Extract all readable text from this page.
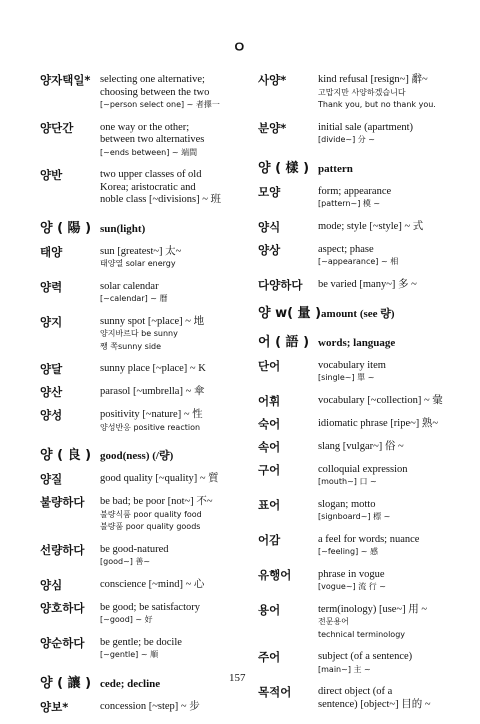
ㅇ
양자택일* selecting one alternative;
choosing between the two
[~person select one] ~ 者擇一
양단간	one way or the other;
between two alternatives
[~ends between] ~ 端間
양반	two upper classes of old
Korea; aristocratic and
noble class [~divisions] ~ 班
양 ( 陽 ) sun(light)
태양	sun [greatest~] 太~
태양열 solar energy
양력	solar calendar
[~calendar] ~ 曆
양지	sunny spot [~place] ~ 地
양지바르다 be sunny
쨍 쪽sunny side
양달	sunny place [~place] ~ K
양산	parasol [~umbrella] ~ 傘
양성	positivity [~nature] ~ 性
양성반응 positive reaction
양 ( 良 ) good(ness) (/량)
양질	good quality [~quality] ~ 質
불량하다	be bad; be poor [not~] 不~
불량식품 poor quality food
불량품 poor quality goods
선량하다	be good-natured
[good~] 善~
양심	conscience [~mind] ~ 心
양호하다	be good; be satisfactory
[~good] ~ 好
양순하다	be gentle; be docile
[~gentle] ~ 順
양 ( 讓 ) cede; decline
양보*	concession [~step] ~ 步
사양*	kind refusal [resign~] 辭~
고맙지만 사양하겠습니다
Thank you, but no thank you.
분양*	initial sale (apartment)
[divide~] 分 ~
양 ( 樣 ) pattern
모양	form; appearance
[pattern~] 模 ~
양식	mode; style [~style] ~ 式
양상	aspect; phase
[~appearance] ~ 相
다양하다	be varied [many~] 多 ~
양 w( 量 ) amount (see 량)
어 ( 語 ) words; language
단어	vocabulary item
[single~] 單 ~
어휘	vocabulary [~collection] ~ 彙
숙어	idiomatic phrase [ripe~] 熟~
속어	slang [vulgar~] 俗 ~
구어	colloquial expression
[mouth~] 口 ~
표어	slogan; motto
[signboard~] 標 ~
어감	a feel for words; nuance
[~feeling] ~ 感
유행어	phrase in vogue
[vogue~] 流 行 ~
용어	term(inology) [use~] 用 ~
전문용어
technical terminology
주어	subject (of a sentence)
[main~] 主 ~
목적어	direct object (of a
sentence) [object~] 目的 ~
157
